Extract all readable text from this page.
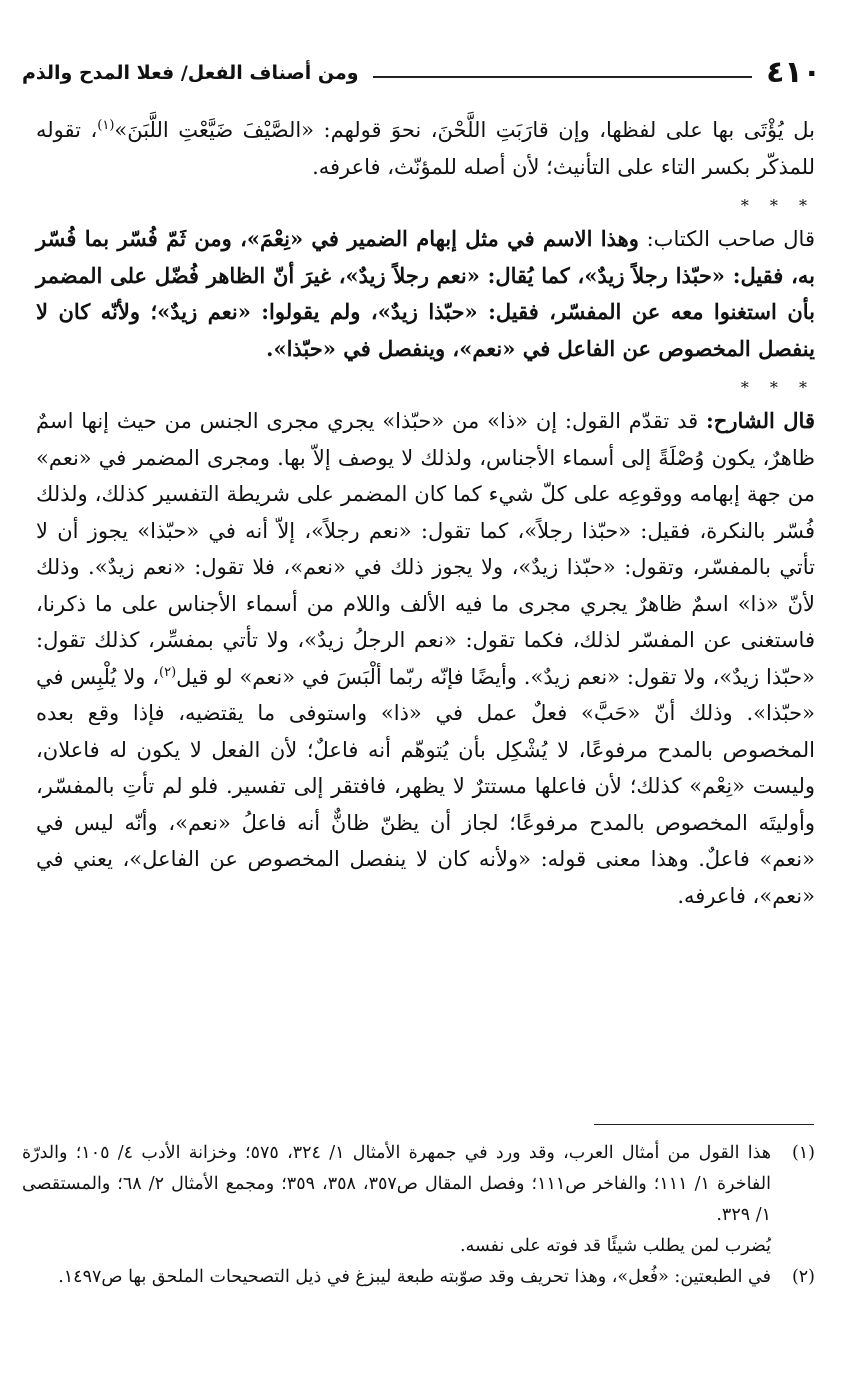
٤١٠
ومن أصناف الفعل/ فعلا المدح والذم

بل يُؤْتَى بها على لفظها، وإن قارَبَتِ اللَّحْنَ، نحوَ قولهم: «الصَّيْفَ ضَيَّعْتِ اللَّبَنَ»$^{(١)}$، تقوله للمذكّر بكسر التاء على التأنيث؛ لأن أصله للمؤنّث، فاعرفه.

* * *

قال صاحب الكتاب: وهذا الاسم في مثل إبهام الضمير في «نِعْمَ»، ومن ثَمّ فُسّر بما فُسّر به، فقيل: «حبّذا رجلاً زيدٌ»، كما يُقال: «نعم رجلاً زيدٌ»، غيرَ أنّ الظاهر فُضّل على المضمر بأن استغنوا معه عن المفسّر، فقيل: «حبّذا زيدٌ»، ولم يقولوا: «نعم زيدٌ»؛ ولأنّه كان لا ينفصل المخصوص عن الفاعل في «نعم»، وينفصل في «حبّذا».

* * *

قال الشارح: قد تقدّم القول: إن «ذا» من «حبّذا» يجري مجرى الجنس من حيث إنها اسمٌ ظاهرٌ، يكون وُصْلَةً إلى أسماء الأجناس، ولذلك لا يوصف إلاّ بها. ومجرى المضمر في «نعم» من جهة إبهامه ووقوعِه على كلّ شيء كما كان المضمر على شريطة التفسير كذلك، ولذلك فُسّر بالنكرة، فقيل: «حبّذا رجلاً»، كما تقول: «نعم رجلاً»، إلاّ أنه في «حبّذا» يجوز أن لا تأتي بالمفسّر، وتقول: «حبّذا زيدٌ»، ولا يجوز ذلك في «نعم»، فلا تقول: «نعم زيدٌ». وذلك لأنّ «ذا» اسمٌ ظاهرٌ يجري مجرى ما فيه الألف واللام من أسماء الأجناس على ما ذكرنا، فاستغنى عن المفسّر لذلك، فكما تقول: «نعم الرجلُ زيدٌ»، ولا تأتي بمفسِّر، كذلك تقول: «حبّذا زيدٌ»، ولا تقول: «نعم زيدٌ». وأيضًا فإنّه ربّما ألْبَسَ في «نعم» لو قيل$^{(٢)}$، ولا يُلْبِس في «حبّذا». وذلك أنّ «حَبَّ» فعلٌ عمل في «ذا» واستوفى ما يقتضيه، فإذا وقع بعده المخصوص بالمدح مرفوعًا، لا يُشْكِل بأن يُتوهّم أنه فاعلٌ؛ لأن الفعل لا يكون له فاعلان، وليست «نِعْم» كذلك؛ لأن فاعلها مستترٌ لا يظهر، فافتقر إلى تفسير. فلو لم تأتِ بالمفسّر، وأوليتَه المخصوص بالمدح مرفوعًا؛ لجاز أن يظنّ ظانٌّ أنه فاعلُ «نعم»، وأنّه ليس في «نعم» فاعلٌ. وهذا معنى قوله: «ولأنه كان لا ينفصل المخصوص عن الفاعل»، يعني في «نعم»، فاعرفه.

(١)
هذا القول من أمثال العرب، وقد ورد في جمهرة الأمثال ١/ ٣٢٤، ٥٧٥؛ وخزانة الأدب ٤/ ١٠٥؛ والدرّة الفاخرة ١/ ١١١؛ والفاخر ص١١١؛ وفصل المقال ص٣٥٧، ٣٥٨، ٣٥٩؛ ومجمع الأمثال ٢/ ٦٨؛ والمستقصى ١/ ٣٢٩.
يُضرب لمن يطلب شيئًا قد فوته على نفسه.
(٢)
في الطبعتين: «فُعل»، وهذا تحريف وقد صوّبته طبعة ليبزغ في ذيل التصحيحات الملحق بها ص١٤٩٧.
